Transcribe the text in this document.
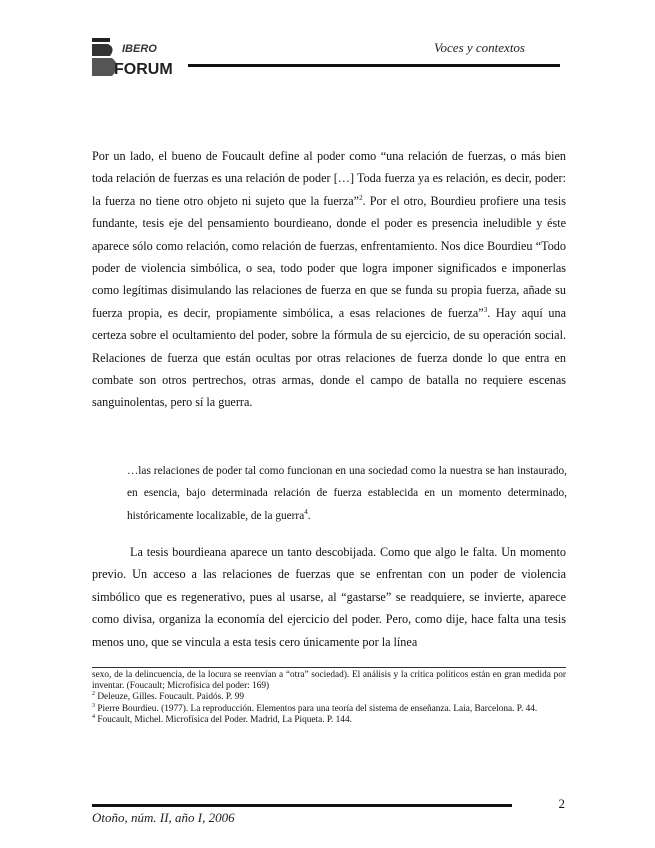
IBERO
FORUM
Voces y contextos

Por un lado, el bueno de Foucault define al poder como “una relación de fuerzas, o más bien toda relación de fuerzas es una relación de poder […] Toda fuerza ya es relación, es decir, poder: la fuerza no tiene otro objeto ni sujeto que la fuerza”$^2$. Por el otro, Bourdieu profiere una tesis fundante, tesis eje del pensamiento bourdieano, donde el poder es presencia ineludible y éste aparece sólo como relación, como relación de fuerzas, enfrentamiento. Nos dice Bourdieu “Todo poder de violencia simbólica, o sea, todo poder que logra imponer significados e imponerlas como legítimas disimulando las relaciones de fuerza en que se funda su propia fuerza, añade su fuerza propia, es decir, propiamente simbólica, a esas relaciones de fuerza”$^3$. Hay aquí una certeza sobre el ocultamiento del poder, sobre la fórmula de su ejercicio, de su operación social. Relaciones de fuerza que están ocultas por otras relaciones de fuerza donde lo que entra en combate son otros pertrechos, otras armas, donde el campo de batalla no requiere escenas sanguinolentas, pero sí la guerra.

…las relaciones de poder tal como funcionan en una sociedad como la nuestra se han instaurado, en esencia, bajo determinada relación de fuerza establecida en un momento determinado, históricamente localizable, de la guerra$^4$.

La tesis bourdieana aparece un tanto descobijada. Como que algo le falta. Un momento previo. Un acceso a las relaciones de fuerzas que se enfrentan con un poder de violencia simbólico que es regenerativo, pues al usarse, al “gastarse” se readquiere, se invierte, aparece como divisa, organiza la economía del ejercicio del poder. Pero, como dije, hace falta una tesis menos uno, que se vincula a esta tesis cero únicamente por la línea

sexo, de la delincuencia, de la locura se reenvían a “otra” sociedad). El análisis y la crítica políticos están en gran medida por inventar. (Foucault; Microfísica del poder: 169)

$^2$ Deleuze, Gilles. Foucault. Paidós. P. 99

$^3$ Pierre Bourdieu. (1977). La reproducción. Elementos para una teoría del sistema de enseñanza. Laia, Barcelona. P. 44.

$^4$ Foucault, Michel. Microfísica del Poder. Madrid, La Piqueta. P. 144.

2
Otoño, núm. II, año I, 2006
